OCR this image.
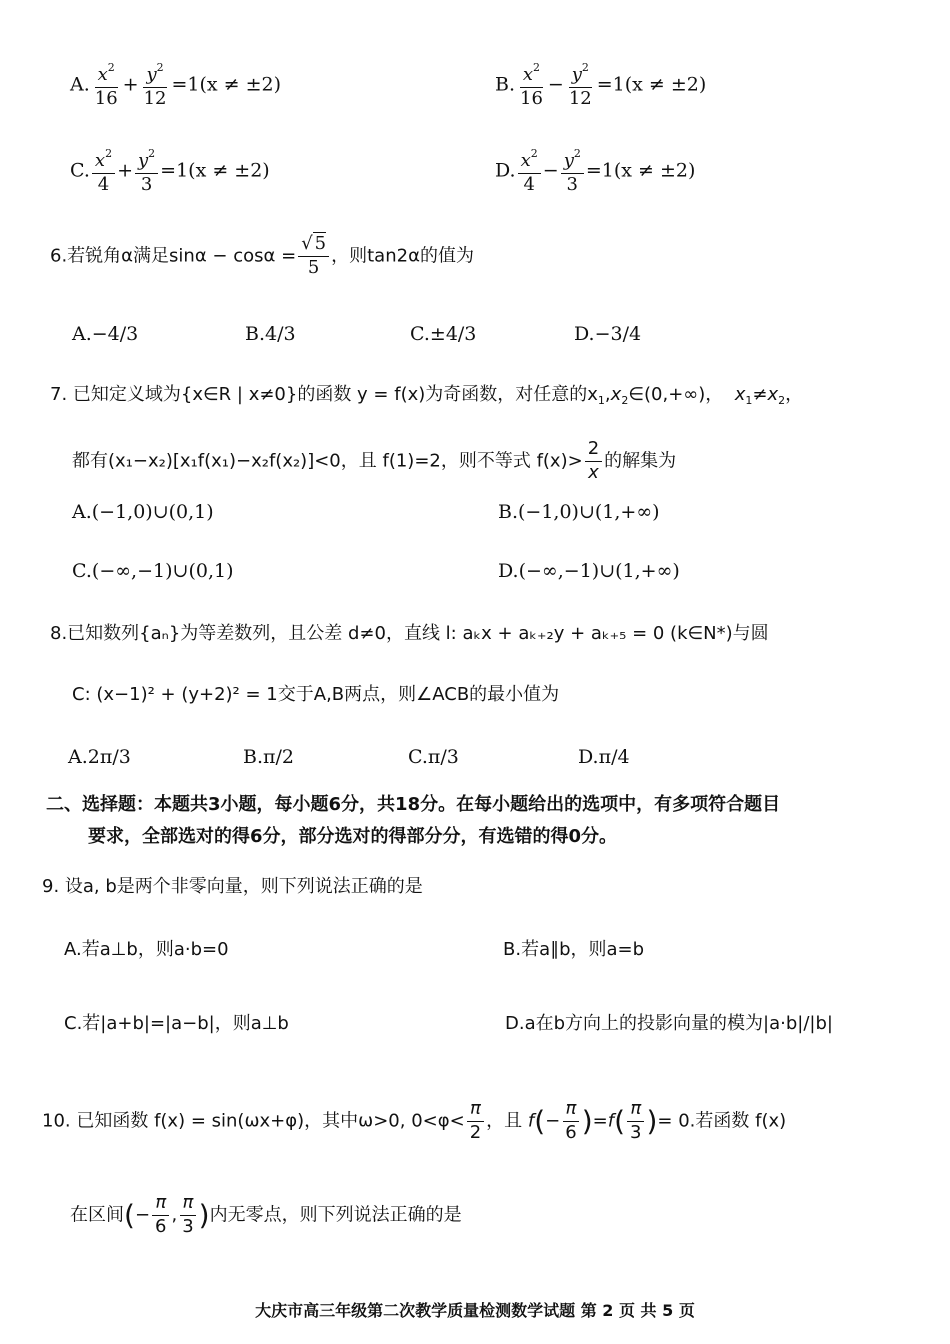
A. $\frac{x^2}{16} + \frac{y^2}{12} =1(x \ne \pm 2)$	B. $\frac{x^2}{16} - \frac{y^2}{12} =1(x \ne \pm 2)$
C. $\frac{x^2}{4} + \frac{y^2}{3} =1(x \ne \pm 2)$	D. $\frac{x^2}{4} - \frac{y^2}{3} =1(x \ne \pm 2)$
6.若锐角α满足$\sin\alpha - \cos\alpha = \frac{√ 5}{5}$ ，则tan2α的值为
A.−4/3	B.4/3	C.±4/3	D.−3/4
7. 已知定义域为{x∈R | x≠0}的函数 y = f(x)为奇函数，对任意的$x_1,x_2\in(0,+\infty)$， $x_1\ne x_2$，
都有(x₁−x₂)[x₁f(x₁)−x₂f(x₂)]<0，且 f(1)=2，则不等式 $f(x)> \frac{2}{x}$ 的解集为
A.(−1,0)∪(0,1)	B.(−1,0)∪(1,+∞)
C.(−∞,−1)∪(0,1)	D.(−∞,−1)∪(1,+∞)
8.已知数列{aₙ}为等差数列，且公差 d≠0，直线 l: aₖx + aₖ₊₂y + aₖ₊₅ = 0 (k∈N*)与圆
C: (x−1)² + (y+2)² = 1交于A,B两点，则∠ACB的最小值为
A.2π/3	B.π/2	C.π/3	D.π/4
二、选择题：本题共3小题，每小题6分，共18分。在每小题给出的选项中，有多项符合题目
要求，全部选对的得6分，部分选对的得部分分，有选错的得0分。
9. 设a, b是两个非零向量，则下列说法正确的是
A.若a⊥b，则a·b=0	B.若a∥b，则a=b
C.若|a+b|=|a−b|，则a⊥b	D.a在b方向上的投影向量的模为|a·b|/|b|
10. 已知函数 f(x) = sin(ωx+φ)，其中ω>0, $0<\varphi< \frac{\pi}{2}$ ，且 $f(- \frac{\pi}{6} )=f( \frac{\pi}{3}$ )= 0.若函数 f(x)
在区间(− $\frac{\pi}{6}$ , $\frac{\pi}{3}$ )内无零点，则下列说法正确的是
大庆市高三年级第二次教学质量检测数学试题 第 2 页 共 5 页
